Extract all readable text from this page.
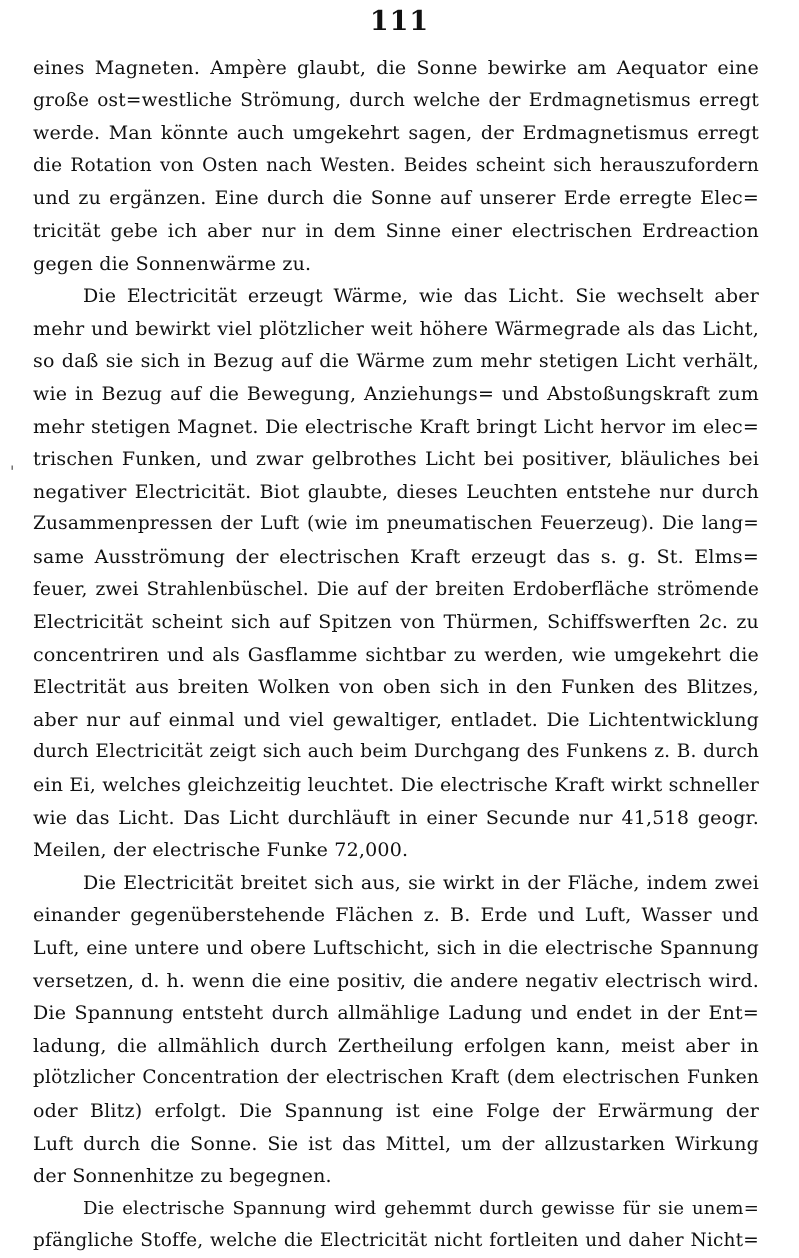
111
'
eines Magneten. Ampère glaubt, die Sonne bewirke am Aequator eine
große ost=westliche Strömung, durch welche der Erdmagnetismus erregt
werde. Man könnte auch umgekehrt sagen, der Erdmagnetismus erregt
die Rotation von Osten nach Westen. Beides scheint sich herauszufordern
und zu ergänzen. Eine durch die Sonne auf unserer Erde erregte Elec=
tricität gebe ich aber nur in dem Sinne einer electrischen Erdreaction
gegen die Sonnenwärme zu.
Die Electricität erzeugt Wärme, wie das Licht. Sie wechselt aber
mehr und bewirkt viel plötzlicher weit höhere Wärmegrade als das Licht,
so daß sie sich in Bezug auf die Wärme zum mehr stetigen Licht verhält,
wie in Bezug auf die Bewegung, Anziehungs= und Abstoßungskraft zum
mehr stetigen Magnet. Die electrische Kraft bringt Licht hervor im elec=
trischen Funken, und zwar gelbrothes Licht bei positiver, bläuliches bei
negativer Electricität. Biot glaubte, dieses Leuchten entstehe nur durch
Zusammenpressen der Luft (wie im pneumatischen Feuerzeug). Die lang=
same Ausströmung der electrischen Kraft erzeugt das s. g. St. Elms=
feuer, zwei Strahlenbüschel. Die auf der breiten Erdoberfläche strömende
Electricität scheint sich auf Spitzen von Thürmen, Schiffswerften 2c. zu
concentriren und als Gasflamme sichtbar zu werden, wie umgekehrt die
Electrität aus breiten Wolken von oben sich in den Funken des Blitzes,
aber nur auf einmal und viel gewaltiger, entladet. Die Lichtentwicklung
durch Electricität zeigt sich auch beim Durchgang des Funkens z. B. durch
ein Ei, welches gleichzeitig leuchtet. Die electrische Kraft wirkt schneller
wie das Licht. Das Licht durchläuft in einer Secunde nur 41,518 geogr.
Meilen, der electrische Funke 72,000.
Die Electricität breitet sich aus, sie wirkt in der Fläche, indem zwei
einander gegenüberstehende Flächen z. B. Erde und Luft, Wasser und
Luft, eine untere und obere Luftschicht, sich in die electrische Spannung
versetzen, d. h. wenn die eine positiv, die andere negativ electrisch wird.
Die Spannung entsteht durch allmählige Ladung und endet in der Ent=
ladung, die allmählich durch Zertheilung erfolgen kann, meist aber in
plötzlicher Concentration der electrischen Kraft (dem electrischen Funken
oder Blitz) erfolgt. Die Spannung ist eine Folge der Erwärmung der
Luft durch die Sonne. Sie ist das Mittel, um der allzustarken Wirkung
der Sonnenhitze zu begegnen.
Die electrische Spannung wird gehemmt durch gewisse für sie unem=
pfängliche Stoffe, welche die Electricität nicht fortleiten und daher Nicht=
